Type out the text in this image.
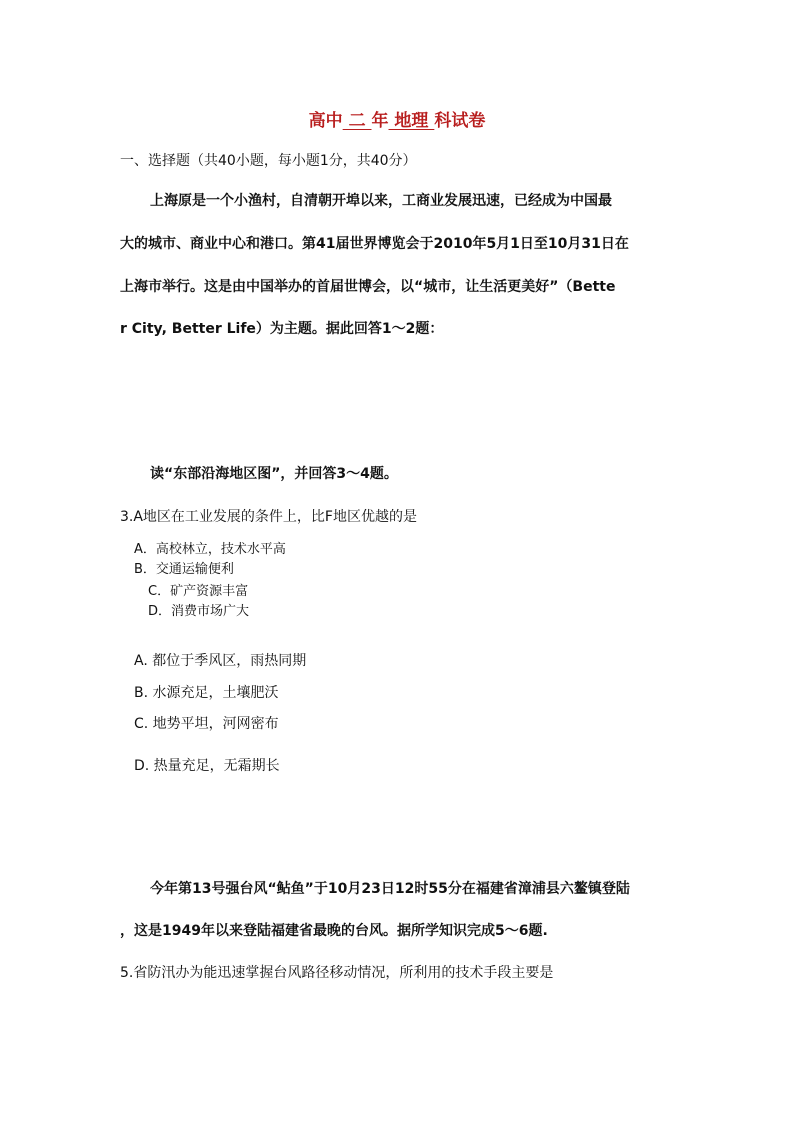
高中 二 年 地理 科试卷
一、选择题（共40小题，每小题1分，共40分）
上海原是一个小渔村，自清朝开埠以来，工商业发展迅速，已经成为中国最
大的城市、商业中心和港口。第41届世界博览会于2010年5月1日至10月31日在
上海市举行。这是由中国举办的首届世博会，以“城市，让生活更美好”（Bette
r City, Better Life）为主题。据此回答1～2题：
读“东部沿海地区图”，并回答3～4题。
3.A地区在工业发展的条件上，比F地区优越的是
A．高校林立，技术水平高
B．交通运输便利
C．矿产资源丰富
D．消费市场广大
A. 都位于季风区，雨热同期
B. 水源充足，土壤肥沃
C. 地势平坦，河网密布
D. 热量充足，无霜期长
今年第13号强台风“鲇鱼”于10月23日12时55分在福建省漳浦县六鳌镇登陆
，这是1949年以来登陆福建省最晚的台风。据所学知识完成5～6题.
5.省防汛办为能迅速掌握台风路径移动情况，所利用的技术手段主要是
